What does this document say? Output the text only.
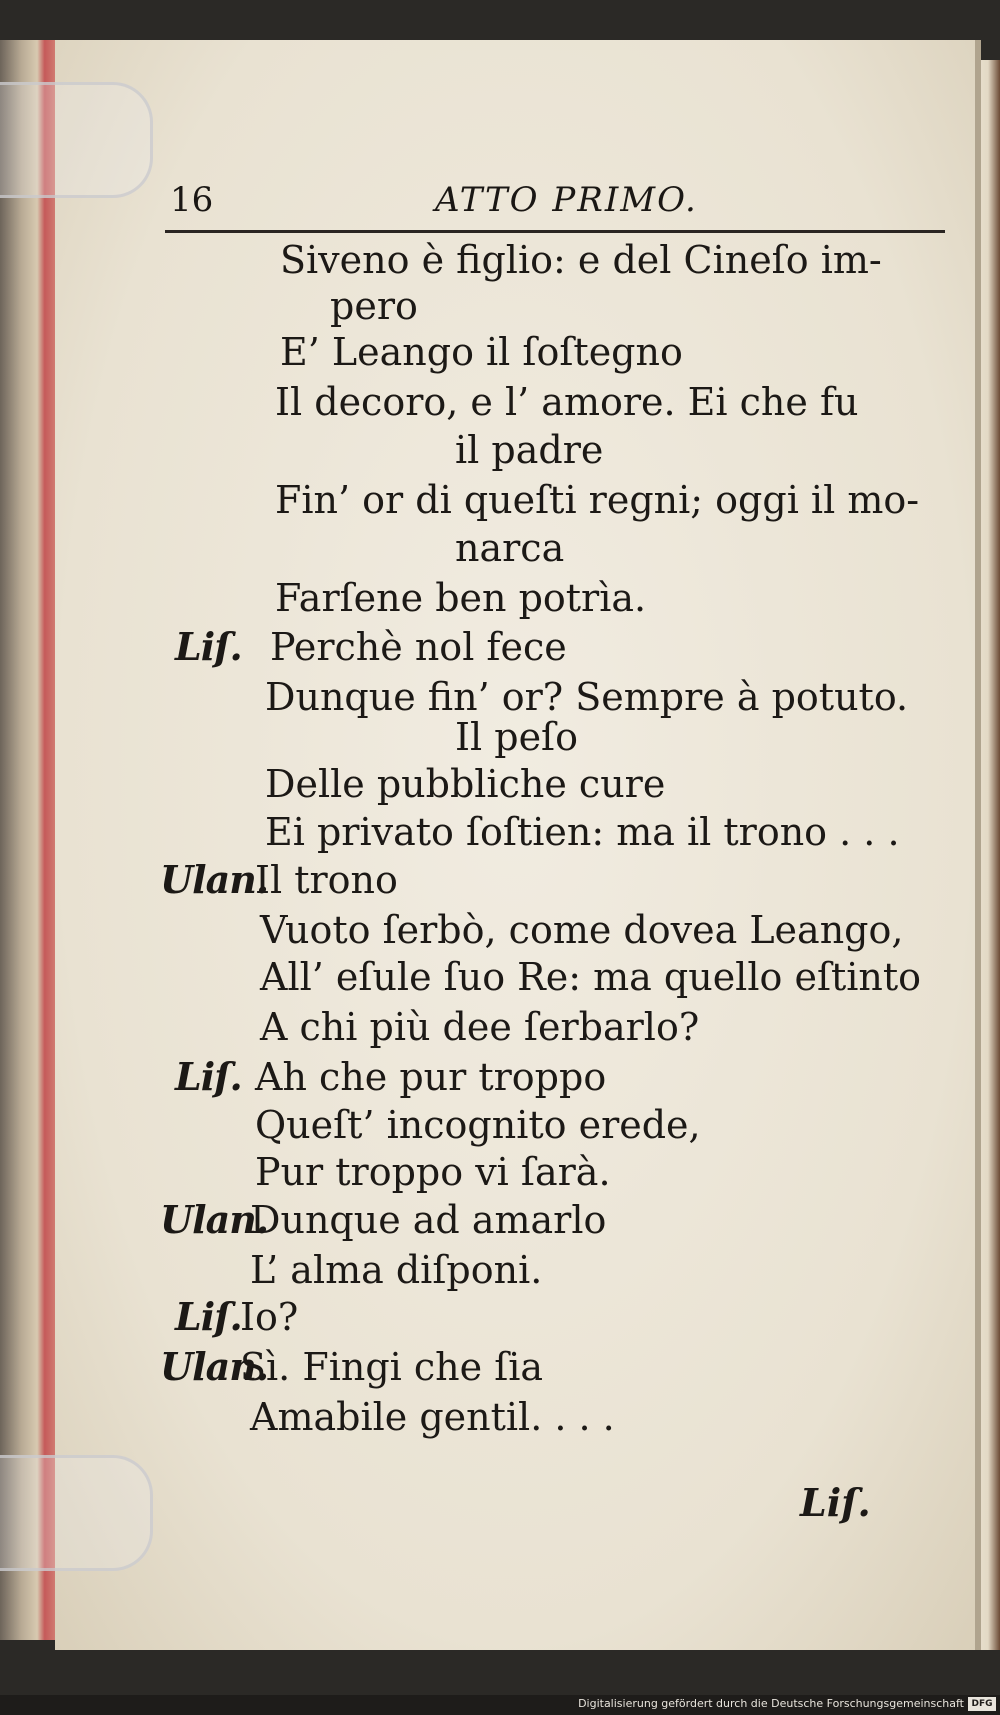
16	ATTO PRIMO.
Siveno è figlio: e del Cineſo im-
pero
E’ Leango il ſoſtegno
Il decoro, e l’ amore. Ei che fu
il padre
Fin’ or di queſti regni; oggi il mo-
narca
Farſene ben potrìa.
Liſ. Perchè nol fece
Dunque fin’ or? Sempre à potuto.
Il peſo
Delle pubbliche cure
Ei privato ſoſtien: ma il trono . . .
Ulan.
Il trono
Vuoto ſerbò, come dovea Leango,
All’ eſule ſuo Re: ma quello eſtinto
A chi più dee ſerbarlo?
Liſ. Ah che pur troppo
Queſt’ incognito erede,
Pur troppo vi ſarà.
Ulan.
Dunque ad amarlo
L’ alma diſponi.
Liſ.
Io?
Ulan.
Sì. Fingi che ſia
Amabile gentil. . . .
Liſ.
Digitalisierung gefördert durch die Deutsche Forschungsgemeinschaft DFG
